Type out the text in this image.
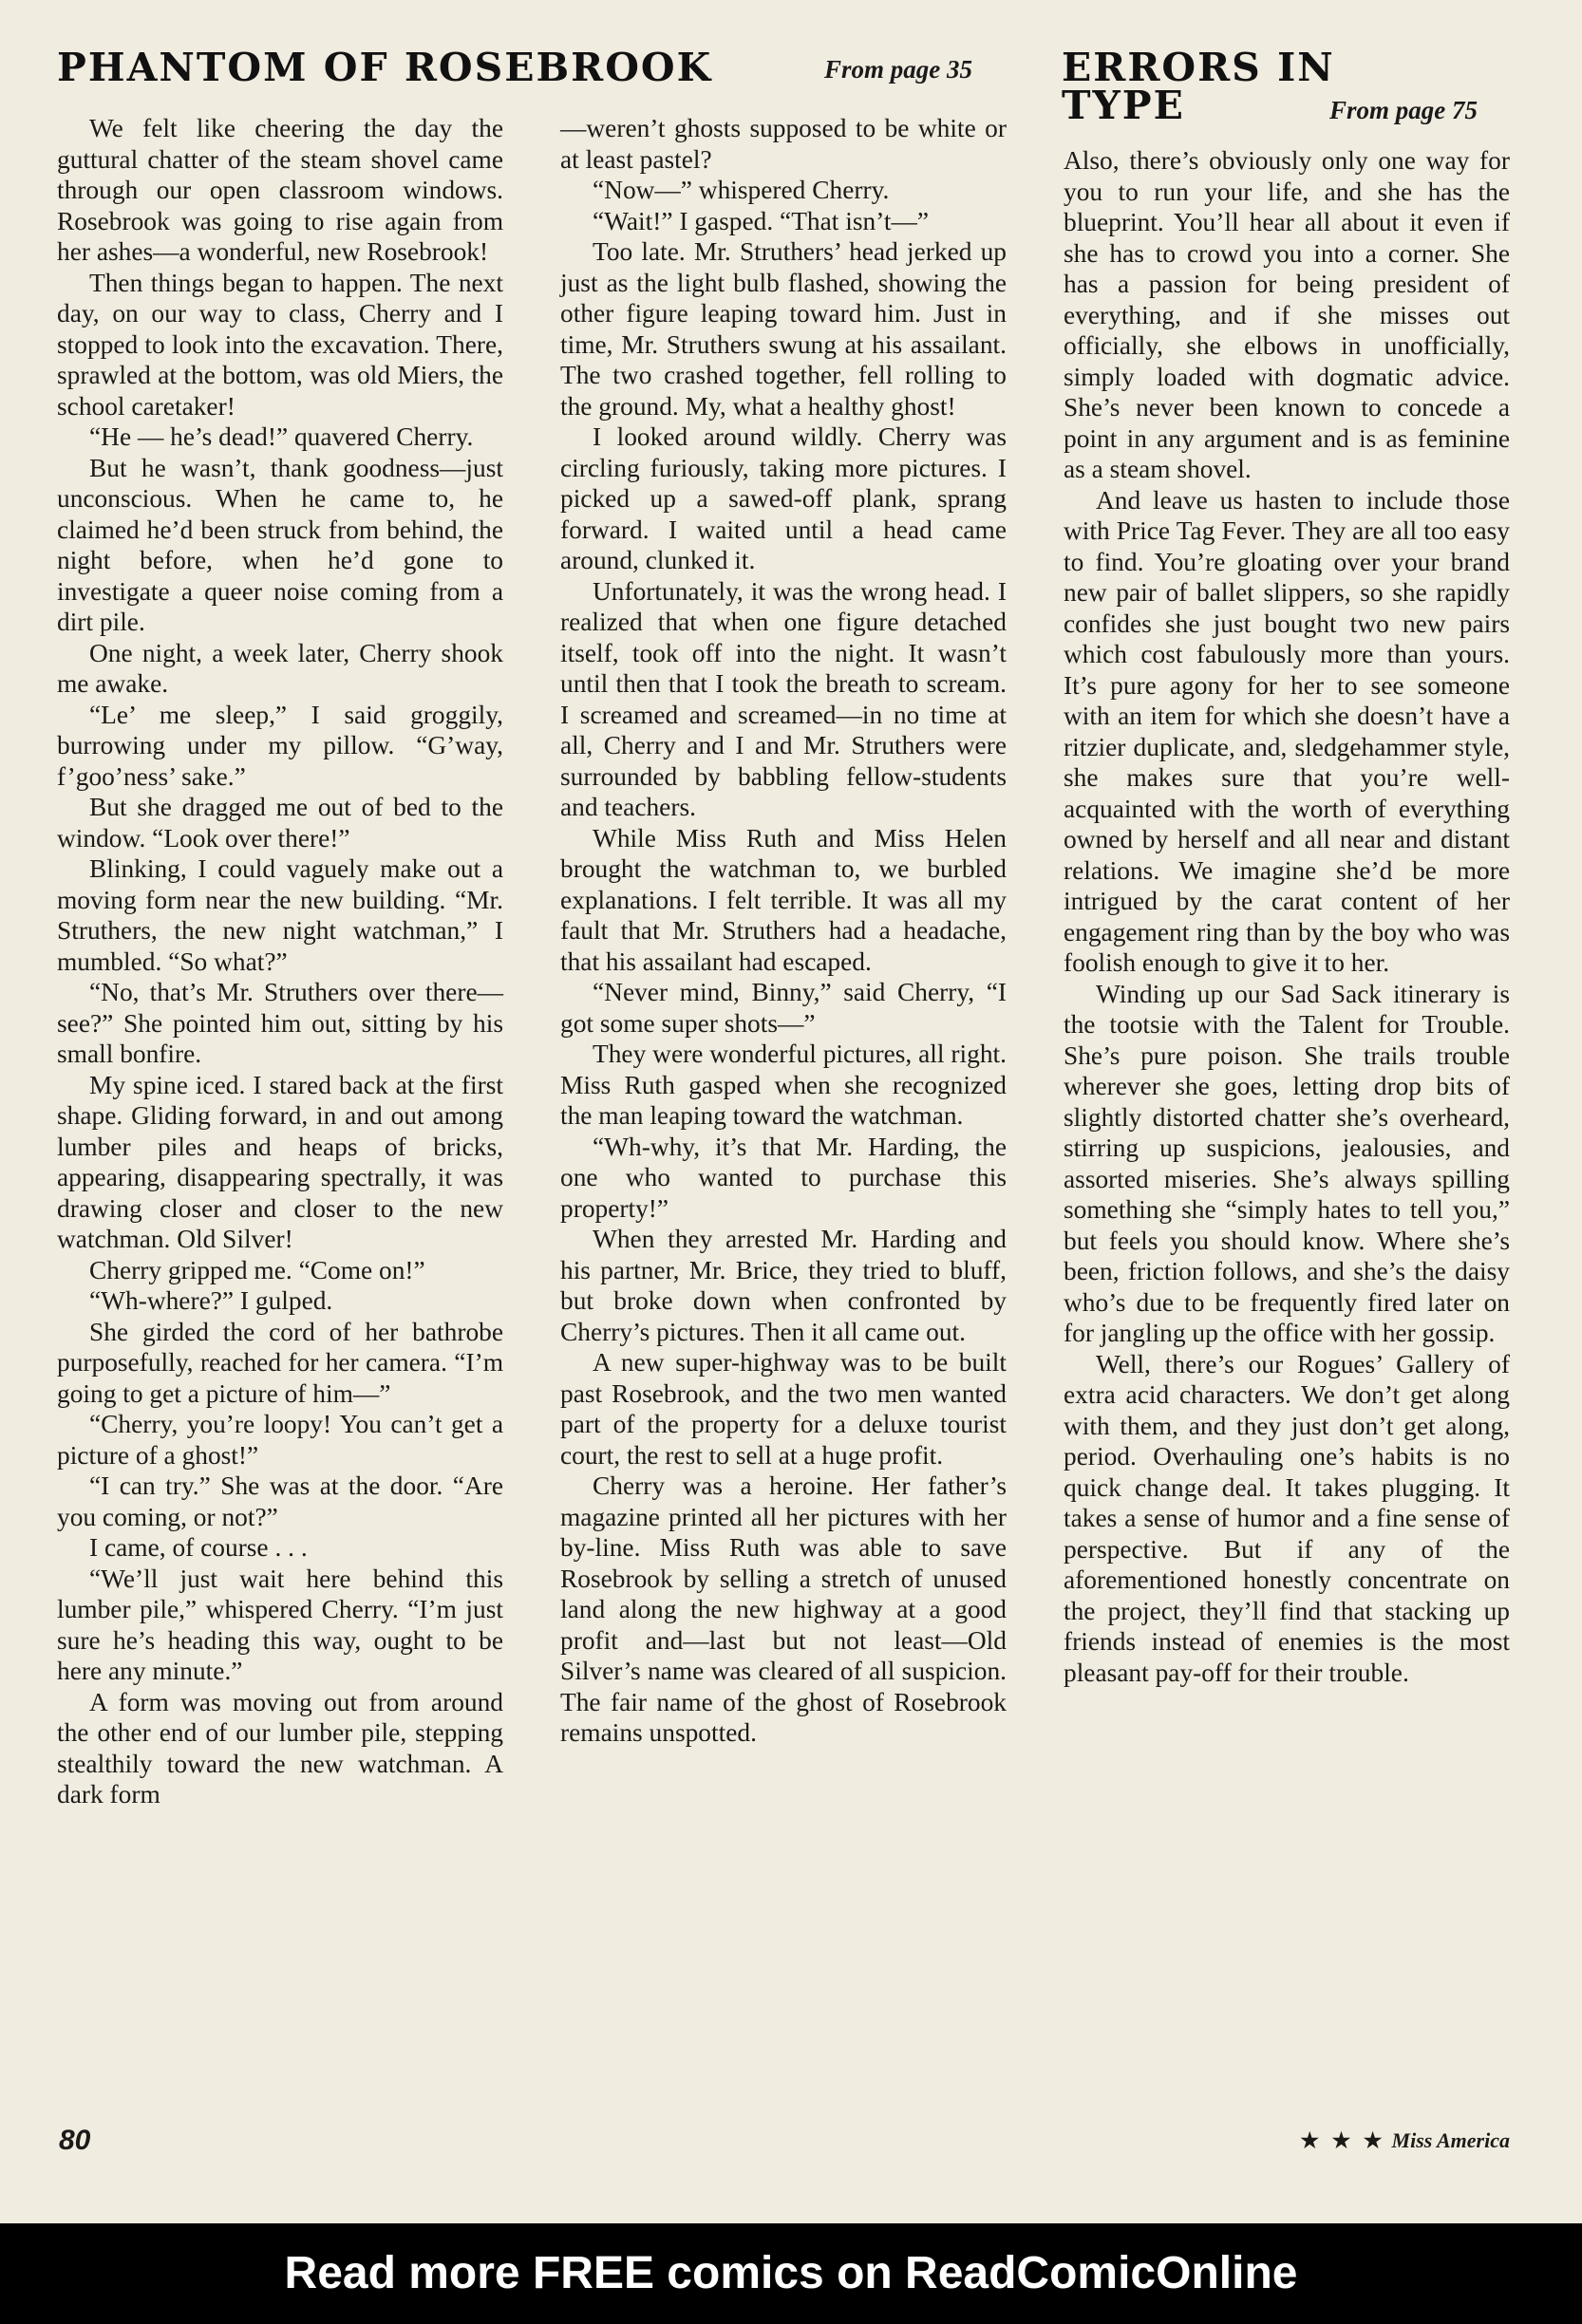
PHANTOM OF ROSEBROOK	From page 35 ERRORS IN
TYPE	From page 75

We felt like cheering the day the guttural chatter of the steam shovel came through our open classroom windows. Rosebrook was going to rise again from her ashes—a wonderful, new Rosebrook!

Then things began to happen. The next day, on our way to class, Cherry and I stopped to look into the excavation. There, sprawled at the bottom, was old Miers, the school caretaker!

“He — he’s dead!” quavered Cherry.

But he wasn’t, thank goodness—just unconscious. When he came to, he claimed he’d been struck from behind, the night before, when he’d gone to investigate a queer noise coming from a dirt pile.

One night, a week later, Cherry shook me awake.

“Le’ me sleep,” I said groggily, burrowing under my pillow. “G’way, f’goo’ness’ sake.”

But she dragged me out of bed to the window. “Look over there!”

Blinking, I could vaguely make out a moving form near the new building. “Mr. Struthers, the new night watchman,” I mumbled. “So what?”

“No, that’s Mr. Struthers over there—see?” She pointed him out, sitting by his small bonfire.

My spine iced. I stared back at the first shape. Gliding forward, in and out among lumber piles and heaps of bricks, appearing, disappearing spectrally, it was drawing closer and closer to the new watchman. Old Silver!

Cherry gripped me. “Come on!”

“Wh-where?” I gulped.

She girded the cord of her bathrobe purposefully, reached for her camera. “I’m going to get a picture of him—”

“Cherry, you’re loopy! You can’t get a picture of a ghost!”

“I can try.” She was at the door. “Are you coming, or not?”

I came, of course . . .

“We’ll just wait here behind this lumber pile,” whispered Cherry. “I’m just sure he’s heading this way, ought to be here any minute.”

A form was moving out from around the other end of our lumber pile, stepping stealthily toward the new watchman. A dark form

—weren’t ghosts supposed to be white or at least pastel?

“Now—” whispered Cherry.

“Wait!” I gasped. “That isn’t—”

Too late. Mr. Struthers’ head jerked up just as the light bulb flashed, showing the other figure leaping toward him. Just in time, Mr. Struthers swung at his assailant. The two crashed together, fell rolling to the ground. My, what a healthy ghost!

I looked around wildly. Cherry was circling furiously, taking more pictures. I picked up a sawed-off plank, sprang forward. I waited until a head came around, clunked it.

Unfortunately, it was the wrong head. I realized that when one figure detached itself, took off into the night. It wasn’t until then that I took the breath to scream. I screamed and screamed—in no time at all, Cherry and I and Mr. Struthers were surrounded by babbling fellow-students and teachers.

While Miss Ruth and Miss Helen brought the watchman to, we burbled explanations. I felt terrible. It was all my fault that Mr. Struthers had a headache, that his assailant had escaped.

“Never mind, Binny,” said Cherry, “I got some super shots—”

They were wonderful pictures, all right. Miss Ruth gasped when she recognized the man leaping toward the watchman.

“Wh-why, it’s that Mr. Harding, the one who wanted to purchase this property!”

When they arrested Mr. Harding and his partner, Mr. Brice, they tried to bluff, but broke down when confronted by Cherry’s pictures. Then it all came out.

A new super-highway was to be built past Rosebrook, and the two men wanted part of the property for a deluxe tourist court, the rest to sell at a huge profit.

Cherry was a heroine. Her father’s magazine printed all her pictures with her by-line. Miss Ruth was able to save Rosebrook by selling a stretch of unused land along the new highway at a good profit and—last but not least—Old Silver’s name was cleared of all suspicion. The fair name of the ghost of Rosebrook remains unspotted.

Also, there’s obviously only one way for you to run your life, and she has the blueprint. You’ll hear all about it even if she has to crowd you into a corner. She has a passion for being president of everything, and if she misses out officially, she elbows in unofficially, simply loaded with dogmatic advice. She’s never been known to concede a point in any argument and is as feminine as a steam shovel.

And leave us hasten to include those with Price Tag Fever. They are all too easy to find. You’re gloating over your brand new pair of ballet slippers, so she rapidly confides she just bought two new pairs which cost fabulously more than yours. It’s pure agony for her to see someone with an item for which she doesn’t have a ritzier duplicate, and, sledgehammer style, she makes sure that you’re well-acquainted with the worth of everything owned by herself and all near and distant relations. We imagine she’d be more intrigued by the carat content of her engagement ring than by the boy who was foolish enough to give it to her.

Winding up our Sad Sack itinerary is the tootsie with the Talent for Trouble. She’s pure poison. She trails trouble wherever she goes, letting drop bits of slightly distorted chatter she’s overheard, stirring up suspicions, jealousies, and assorted miseries. She’s always spilling something she “simply hates to tell you,” but feels you should know. Where she’s been, friction follows, and she’s the daisy who’s due to be frequently fired later on for jangling up the office with her gossip.

Well, there’s our Rogues’ Gallery of extra acid characters. We don’t get along with them, and they just don’t get along, period. Overhauling one’s habits is no quick change deal. It takes plugging. It takes a sense of humor and a fine sense of perspective. But if any of the aforementioned honestly concentrate on the project, they’ll find that stacking up friends instead of enemies is the most pleasant pay-off for their trouble.

80	★ ★ ★ Miss America
Read more FREE comics on ReadComicOnline
